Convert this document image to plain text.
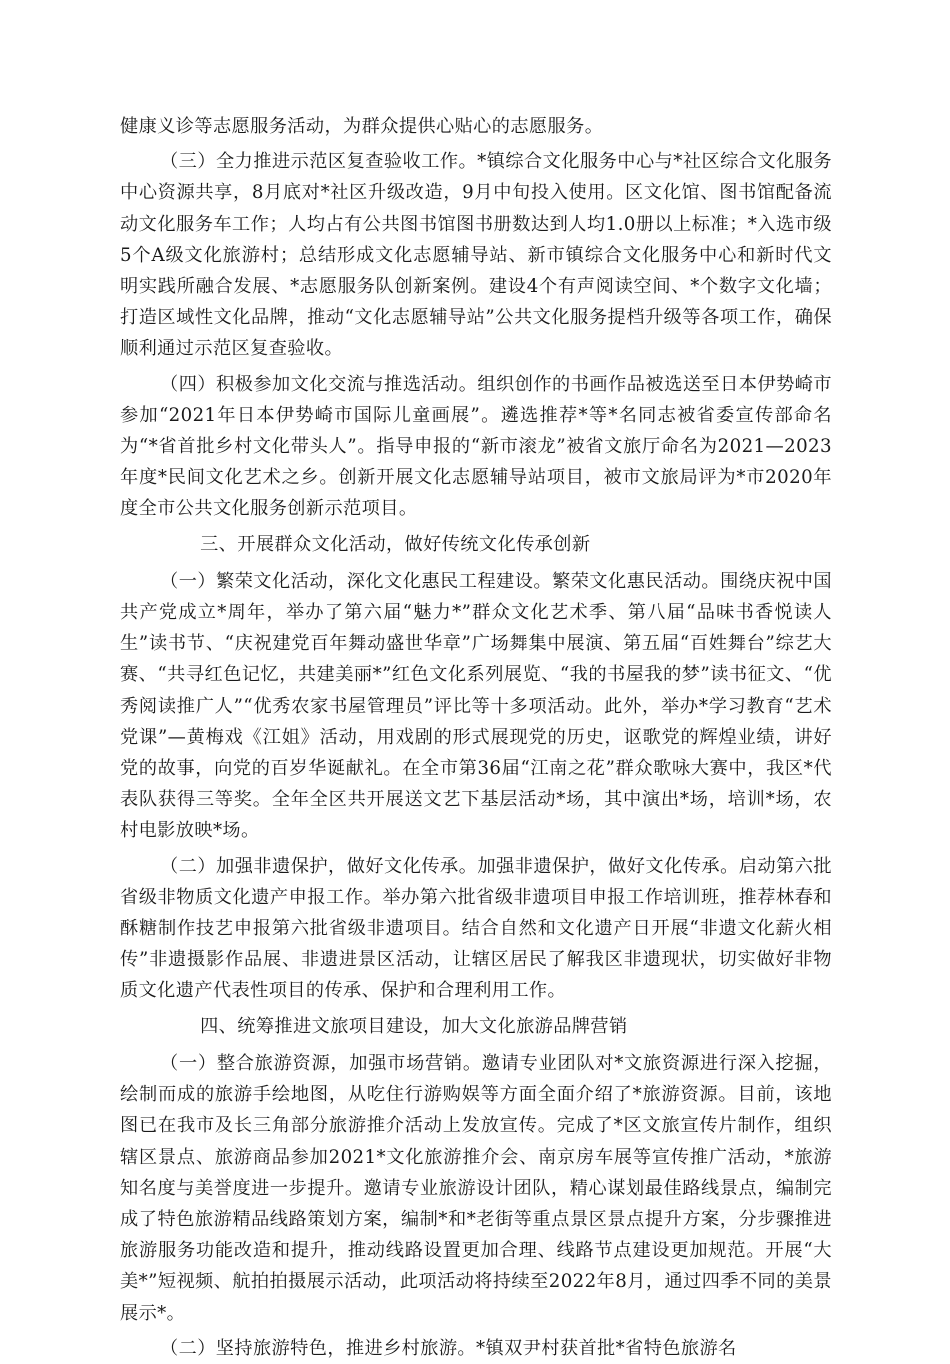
健康义诊等志愿服务活动，为群众提供心贴心的志愿服务。

（三）全力推进示范区复查验收工作。*镇综合文化服务中心与*社区综合文化服务中心资源共享，8月底对*社区升级改造，9月中旬投入使用。区文化馆、图书馆配备流动文化服务车工作；人均占有公共图书馆图书册数达到人均1.0册以上标准；*入选市级5个A级文化旅游村；总结形成文化志愿辅导站、新市镇综合文化服务中心和新时代文明实践所融合发展、*志愿服务队创新案例。建设4个有声阅读空间、*个数字文化墙；打造区域性文化品牌，推动“文化志愿辅导站”公共文化服务提档升级等各项工作，确保顺利通过示范区复查验收。

（四）积极参加文化交流与推选活动。组织创作的书画作品被选送至日本伊势崎市参加“2021年日本伊势崎市国际儿童画展”。遴选推荐*等*名同志被省委宣传部命名为“*省首批乡村文化带头人”。指导申报的“新市滚龙”被省文旅厅命名为2021—2023年度*民间文化艺术之乡。创新开展文化志愿辅导站项目，被市文旅局评为*市2020年度全市公共文化服务创新示范项目。

三、开展群众文化活动，做好传统文化传承创新

（一）繁荣文化活动，深化文化惠民工程建设。繁荣文化惠民活动。围绕庆祝中国共产党成立*周年，举办了第六届“魅力*”群众文化艺术季、第八届“品味书香悦读人生”读书节、“庆祝建党百年舞动盛世华章”广场舞集中展演、第五届“百姓舞台”综艺大赛、“共寻红色记忆，共建美丽*”红色文化系列展览、“我的书屋我的梦”读书征文、“优秀阅读推广人”“优秀农家书屋管理员”评比等十多项活动。此外，举办*学习教育“艺术党课”—黄梅戏《江姐》活动，用戏剧的形式展现党的历史，讴歌党的辉煌业绩，讲好党的故事，向党的百岁华诞献礼。在全市第36届“江南之花”群众歌咏大赛中，我区*代表队获得三等奖。全年全区共开展送文艺下基层活动*场，其中演出*场，培训*场，农村电影放映*场。

（二）加强非遗保护，做好文化传承。加强非遗保护，做好文化传承。启动第六批省级非物质文化遗产申报工作。举办第六批省级非遗项目申报工作培训班，推荐林春和酥糖制作技艺申报第六批省级非遗项目。结合自然和文化遗产日开展“非遗文化薪火相传”非遗摄影作品展、非遗进景区活动，让辖区居民了解我区非遗现状，切实做好非物质文化遗产代表性项目的传承、保护和合理利用工作。

四、统筹推进文旅项目建设，加大文化旅游品牌营销

（一）整合旅游资源，加强市场营销。邀请专业团队对*文旅资源进行深入挖掘，绘制而成的旅游手绘地图，从吃住行游购娱等方面全面介绍了*旅游资源。目前，该地图已在我市及长三角部分旅游推介活动上发放宣传。完成了*区文旅宣传片制作，组织辖区景点、旅游商品参加2021*文化旅游推介会、南京房车展等宣传推广活动，*旅游知名度与美誉度进一步提升。邀请专业旅游设计团队，精心谋划最佳路线景点，编制完成了特色旅游精品线路策划方案，编制*和*老街等重点景区景点提升方案，分步骤推进旅游服务功能改造和提升，推动线路设置更加合理、线路节点建设更加规范。开展“大美*”短视频、航拍拍摄展示活动，此项活动将持续至2022年8月，通过四季不同的美景展示*。

（二）坚持旅游特色，推进乡村旅游。*镇双尹村获首批*省特色旅游名
